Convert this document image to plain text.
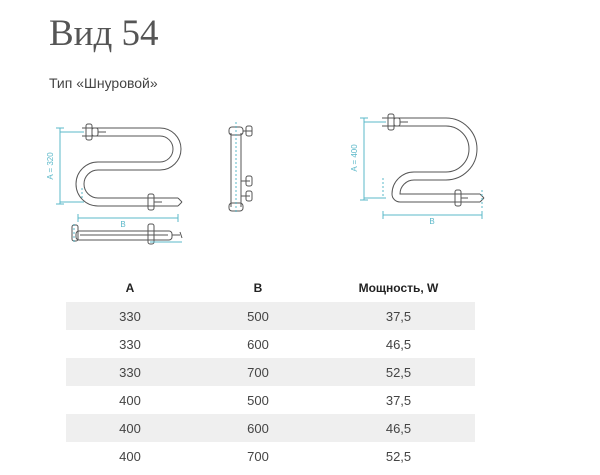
Вид 54
Тип «Шнуровой»
A = 320
B
A = 400
B
A	B	Мощность, W
330	500	37,5
330	600	46,5
330	700	52,5
400	500	37,5
400	600	46,5
400	700	52,5
